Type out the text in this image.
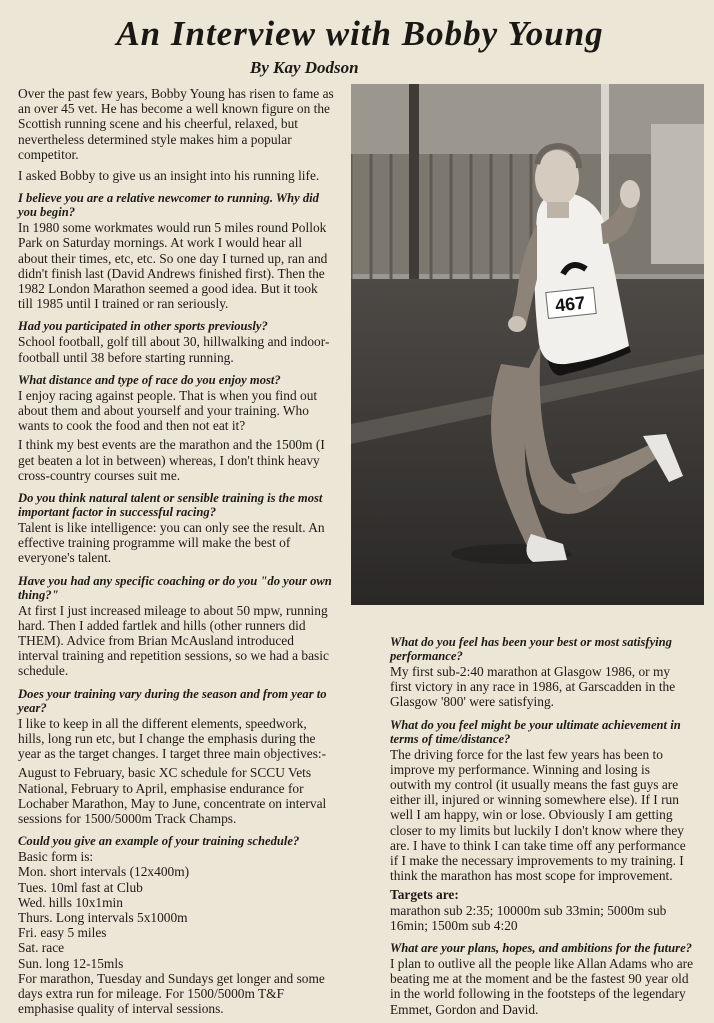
An Interview with Bobby Young
By Kay Dodson

Over the past few years, Bobby Young has risen to fame as an over 45 vet. He has become a well known figure on the Scottish running scene and his cheerful, relaxed, but nevertheless determined style makes him a popular competitor.

I asked Bobby to give us an insight into his running life.

I believe you are a relative newcomer to running. Why did you begin?

In 1980 some workmates would run 5 miles round Pollok Park on Saturday mornings. At work I would hear all about their times, etc, etc. So one day I turned up, ran and didn't finish last (David Andrews finished first). Then the 1982 London Marathon seemed a good idea. But it took till 1985 until I trained or ran seriously.

Had you participated in other sports previously?

School football, golf till about 30, hillwalking and indoor-football until 38 before starting running.

What distance and type of race do you enjoy most?

I enjoy racing against people. That is when you find out about them and about yourself and your training. Who wants to cook the food and then not eat it?

I think my best events are the marathon and the 1500m (I get beaten a lot in between) whereas, I don't think heavy cross-country courses suit me.

Do you think natural talent or sensible training is the most important factor in successful racing?

Talent is like intelligence: you can only see the result. An effective training programme will make the best of everyone's talent.

Have you had any specific coaching or do you "do your own thing?"

At first I just increased mileage to about 50 mpw, running hard. Then I added fartlek and hills (other runners did THEM). Advice from Brian McAusland introduced interval training and repetition sessions, so we had a basic schedule.

Does your training vary during the season and from year to year?

I like to keep in all the different elements, speedwork, hills, long run etc, but I change the emphasis during the year as the target changes. I target three main objectives:-

August to February, basic XC schedule for SCCU Vets National, February to April, emphasise endurance for Lochaber Marathon, May to June, concentrate on interval sessions for 1500/5000m Track Champs.

Could you give an example of your training schedule?
Basic form is:
Mon. short intervals (12x400m)
Tues. 10ml fast at Club
Wed. hills 10x1min
Thurs. Long intervals 5x1000m
Fri. easy 5 miles
Sat. race
Sun. long 12-15mls

For marathon, Tuesday and Sundays get longer and some days extra run for mileage. For 1500/5000m T&F emphasise quality of interval sessions.

467
What do you feel has been your best or most satisfying performance?

My first sub-2:40 marathon at Glasgow 1986, or my first victory in any race in 1986, at Garscadden in the Glasgow '800' were satisfying.

What do you feel might be your ultimate achievement in terms of time/distance?

The driving force for the last few years has been to improve my performance. Winning and losing is outwith my control (it usually means the fast guys are either ill, injured or winning somewhere else). If I run well I am happy, win or lose. Obviously I am getting closer to my limits but luckily I don't know where they are. I have to think I can take time off any performance if I make the necessary improvements to my training. I think the marathon has most scope for improvement.

Targets are:

marathon sub 2:35; 10000m sub 33min; 5000m sub 16min; 1500m sub 4:20

What are your plans, hopes, and ambitions for the future?

I plan to outlive all the people like Allan Adams who are beating me at the moment and be the fastest 90 year old in the world following in the footsteps of the legendary Emmet, Gordon and David.
